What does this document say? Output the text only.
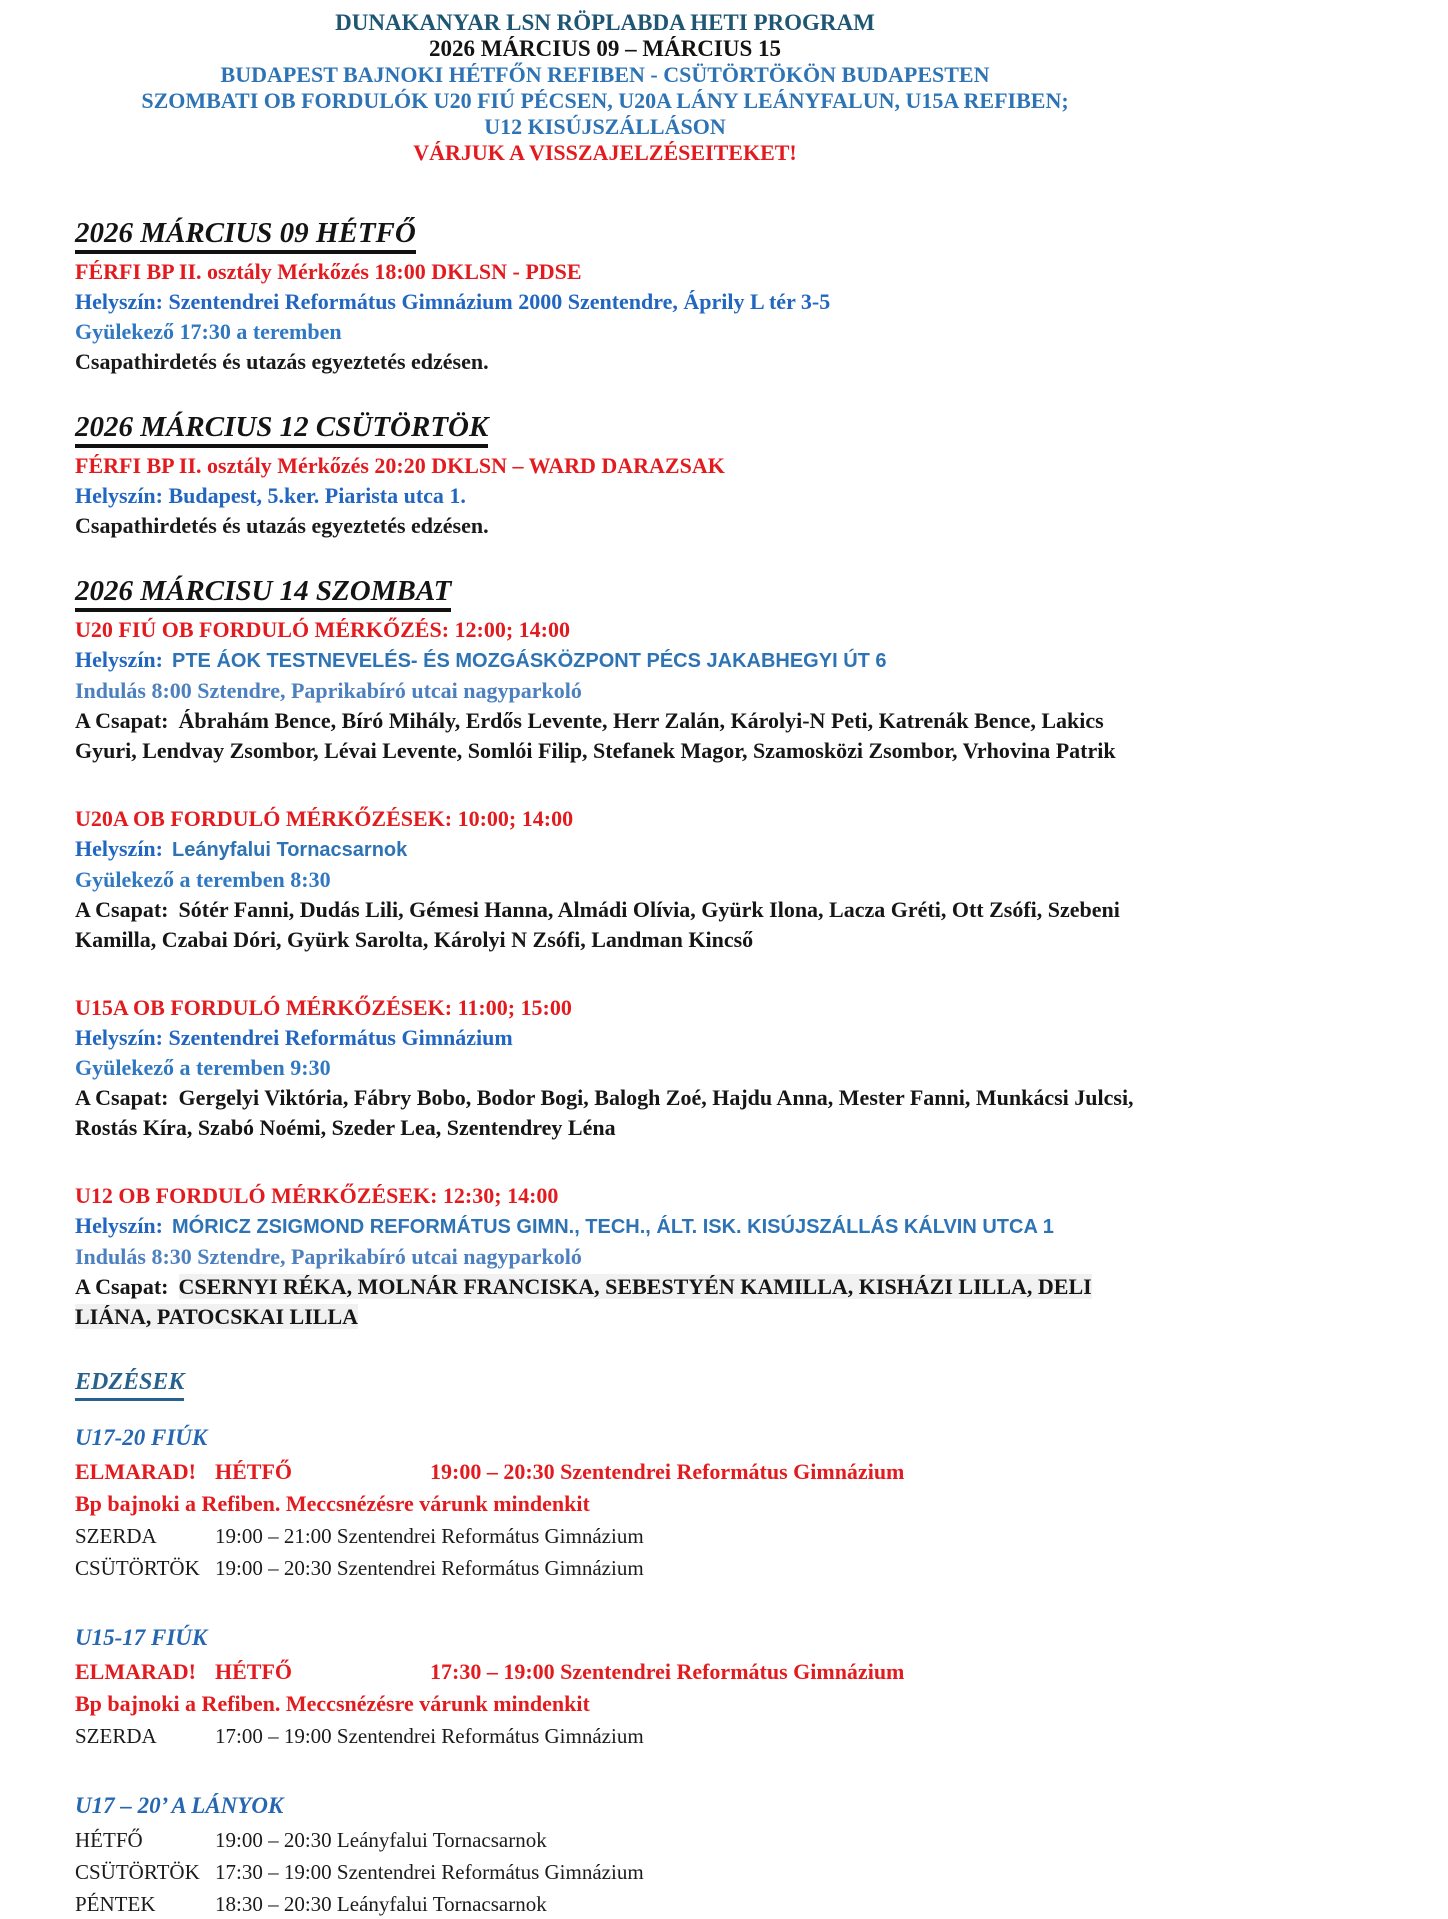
DUNAKANYAR LSN RÖPLABDA HETI PROGRAM
2026 MÁRCIUS 09 – MÁRCIUS 15
BUDAPEST BAJNOKI HÉTFŐN REFIBEN - CSÜTÖRTÖKÖN BUDAPESTEN
SZOMBATI OB FORDULÓK U20 FIÚ PÉCSEN, U20A LÁNY LEÁNYFALUN, U15A REFIBEN;
U12 KISÚJSZÁLLÁSON
VÁRJUK A VISSZAJELZÉSEITEKET!
2026 MÁRCIUS 09 HÉTFŐ
FÉRFI BP II. osztály Mérkőzés 18:00 DKLSN - PDSE
Helyszín: Szentendrei Református Gimnázium 2000 Szentendre, Áprily L tér 3-5
Gyülekező 17:30 a teremben
Csapathirdetés és utazás egyeztetés edzésen.
2026 MÁRCIUS 12 CSÜTÖRTÖK
FÉRFI BP II. osztály Mérkőzés 20:20 DKLSN – WARD DARAZSAK
Helyszín: Budapest, 5.ker. Piarista utca 1.
Csapathirdetés és utazás egyeztetés edzésen.
2026 MÁRCISU 14 SZOMBAT
U20 FIÚ OB FORDULÓ MÉRKŐZÉS: 12:00; 14:00
Helyszín: PTE ÁOK TESTNEVELÉS- ÉS MOZGÁSKÖZPONT PÉCS JAKABHEGYI ÚT 6
Indulás 8:00 Sztendre, Paprikabíró utcai nagyparkoló
A Csapat: Ábrahám Bence, Bíró Mihály, Erdős Levente, Herr Zalán, Károlyi-N Peti, Katrenák Bence, Lakics Gyuri, Lendvay Zsombor, Lévai Levente, Somlói Filip, Stefanek Magor, Szamosközi Zsombor, Vrhovina Patrik
U20A OB FORDULÓ MÉRKŐZÉSEK: 10:00; 14:00
Helyszín: Leányfalui Tornacsarnok
Gyülekező a teremben 8:30
A Csapat: Sótér Fanni, Dudás Lili, Gémesi Hanna, Almádi Olívia, Gyürk Ilona, Lacza Gréti, Ott Zsófi, Szebeni Kamilla, Czabai Dóri, Gyürk Sarolta, Károlyi N Zsófi, Landman Kincső
U15A OB FORDULÓ MÉRKŐZÉSEK: 11:00; 15:00
Helyszín: Szentendrei Református Gimnázium
Gyülekező a teremben 9:30
A Csapat: Gergelyi Viktória, Fábry Bobo, Bodor Bogi, Balogh Zoé, Hajdu Anna, Mester Fanni, Munkácsi Julcsi, Rostás Kíra, Szabó Noémi, Szeder Lea, Szentendrey Léna
U12 OB FORDULÓ MÉRKŐZÉSEK: 12:30; 14:00
Helyszín: MÓRICZ ZSIGMOND REFORMÁTUS GIMN., TECH., ÁLT. ISK. KISÚJSZÁLLÁS KÁLVIN UTCA 1
Indulás 8:30 Sztendre, Paprikabíró utcai nagyparkoló
A Csapat: CSERNYI RÉKA, MOLNÁR FRANCISKA, SEBESTYÉN KAMILLA, KISHÁZI LILLA, DELI LIÁNA, PATOCSKAI LILLA
EDZÉSEK
U17-20 FIÚK
ELMARAD! HÉTFŐ	19:00 – 20:30 Szentendrei Református Gimnázium
Bp bajnoki a Refiben. Meccsnézésre várunk mindenkit
SZERDA	19:00 – 21:00 Szentendrei Református Gimnázium
CSÜTÖRTÖK 19:00 – 20:30 Szentendrei Református Gimnázium
U15-17 FIÚK
ELMARAD! HÉTFŐ	17:30 – 19:00 Szentendrei Református Gimnázium
Bp bajnoki a Refiben. Meccsnézésre várunk mindenkit
SZERDA	17:00 – 19:00 Szentendrei Református Gimnázium
U17 – 20’ A LÁNYOK
HÉTFŐ	19:00 – 20:30 Leányfalui Tornacsarnok
CSÜTÖRTÖK 17:30 – 19:00 Szentendrei Református Gimnázium
PÉNTEK	18:30 – 20:30 Leányfalui Tornacsarnok
